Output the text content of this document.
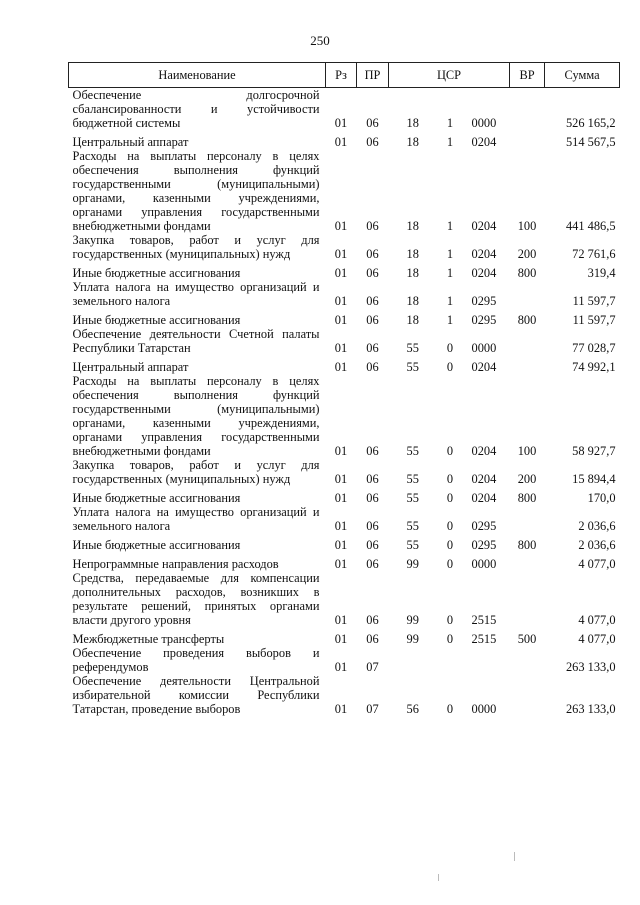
250
Наименование	Рз	ПР	ЦСР			ВР	Сумма
Обеспечение долгосрочной сбалансированности и устойчивости бюджетной системы	01	06	18	1	0000		526 165,2
Центральный аппарат	01	06	18	1	0204		514 567,5
Расходы на выплаты персоналу в целях обеспечения выполнения функций государственными (муниципальными) органами, казенными учреждениями, органами управления государственными внебюджетными фондами	01	06	18	1	0204	100	441 486,5
Закупка товаров, работ и услуг для государственных (муниципальных) нужд	01	06	18	1	0204	200	72 761,6
Иные бюджетные ассигнования	01	06	18	1	0204	800	319,4
Уплата налога на имущество организаций и земельного налога	01	06	18	1	0295		11 597,7
Иные бюджетные ассигнования	01	06	18	1	0295	800	11 597,7
Обеспечение деятельности Счетной палаты Республики Татарстан	01	06	55	0	0000		77 028,7
Центральный аппарат	01	06	55	0	0204		74 992,1
Расходы на выплаты персоналу в целях обеспечения выполнения функций государственными (муниципальными) органами, казенными учреждениями, органами управления государственными внебюджетными фондами	01	06	55	0	0204	100	58 927,7
Закупка товаров, работ и услуг для государственных (муниципальных) нужд	01	06	55	0	0204	200	15 894,4
Иные бюджетные ассигнования	01	06	55	0	0204	800	170,0
Уплата налога на имущество организаций и земельного налога	01	06	55	0	0295		2 036,6
Иные бюджетные ассигнования	01	06	55	0	0295	800	2 036,6
Непрограммные направления расходов	01	06	99	0	0000		4 077,0
Средства, передаваемые для компенсации дополнительных расходов, возникших в результате решений, принятых органами власти другого уровня	01	06	99	0	2515		4 077,0
Межбюджетные трансферты	01	06	99	0	2515	500	4 077,0
Обеспечение проведения выборов и референдумов	01	07					263 133,0
Обеспечение деятельности Центральной избирательной комиссии Республики Татарстан, проведение выборов	01	07	56	0	0000		263 133,0
